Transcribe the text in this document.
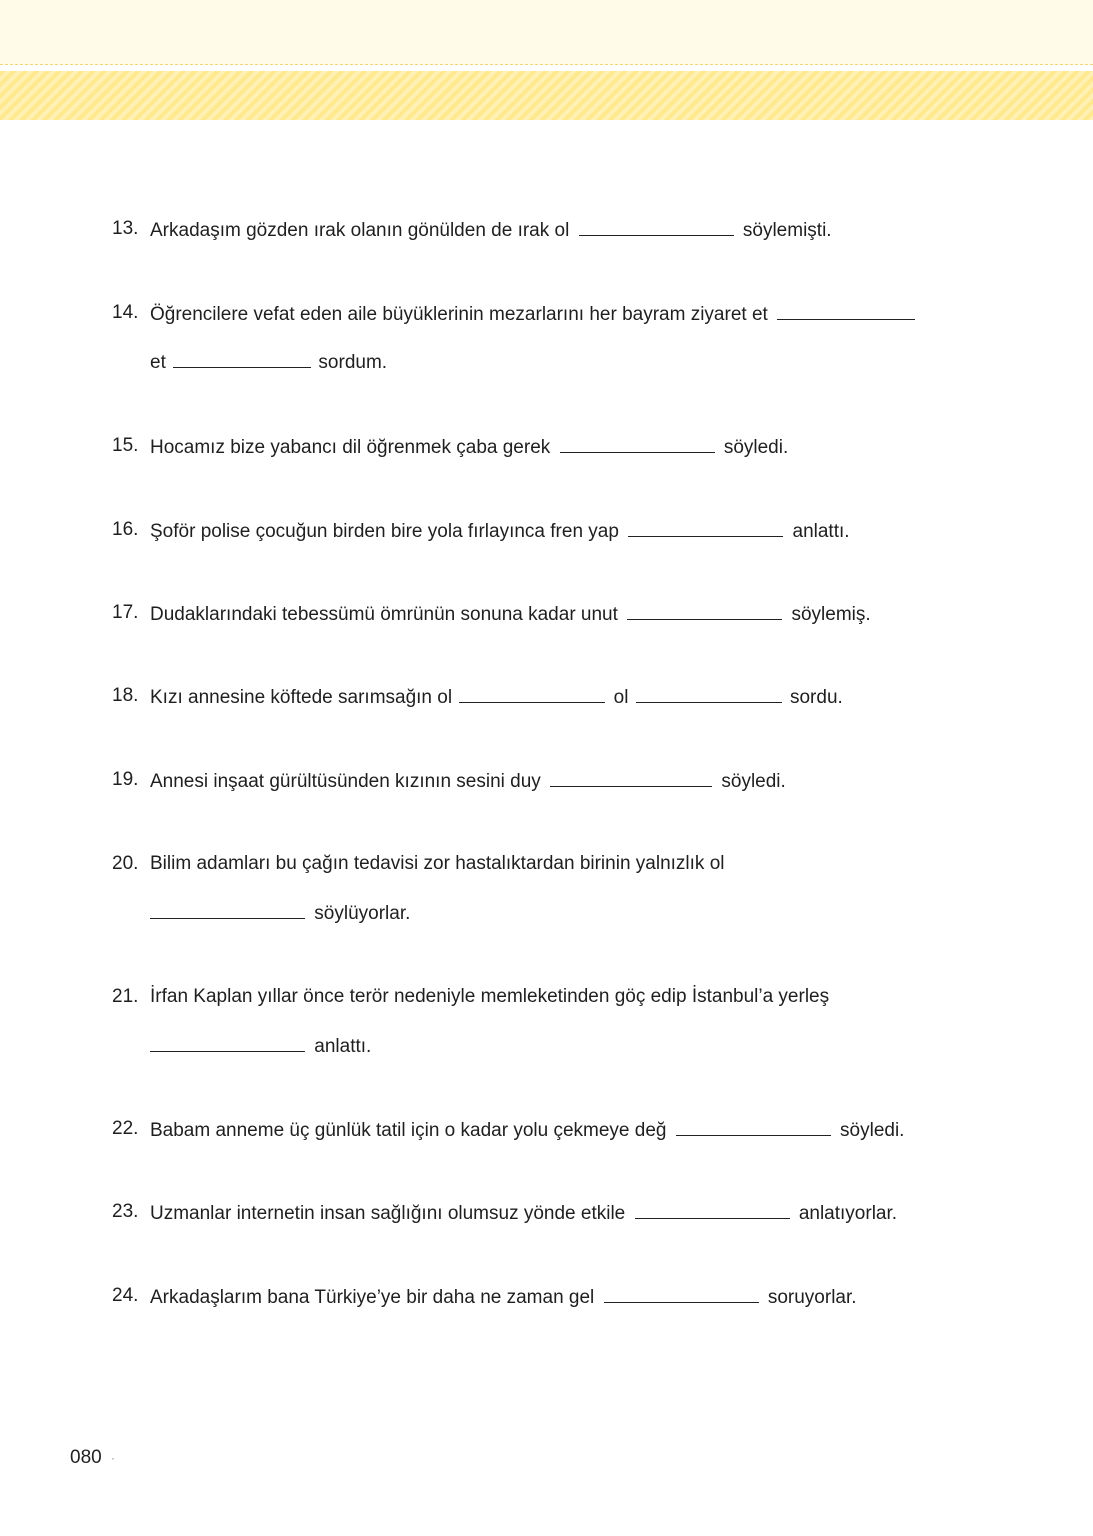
13. Arkadaşım gözden ırak olanın gönülden de ırak ol	söylemişti.
14. Öğrencilere vefat eden aile büyüklerinin mezarlarını her bayram ziyaret et
et	sordum.
15. Hocamız bize yabancı dil öğrenmek çaba gerek	söyledi.
16. Şoför polise çocuğun birden bire yola fırlayınca fren yap	anlattı.
17. Dudaklarındaki tebessümü ömrünün sonuna kadar unut	söylemiş.
18. Kızı annesine köftede sarımsağın ol	ol	sordu.
19. Annesi inşaat gürültüsünden kızının sesini duy	söyledi.
20. Bilim adamları bu çağın tedavisi zor hastalıktardan birinin yalnızlık ol
söylüyorlar.
21. İrfan Kaplan yıllar önce terör nedeniyle memleketinden göç edip İstanbul’a yerleş
anlattı.
22. Babam anneme üç günlük tatil için o kadar yolu çekmeye değ	söyledi.
23. Uzmanlar internetin insan sağlığını olumsuz yönde etkile	anlatıyorlar.
24. Arkadaşlarım bana Türkiye’ye bir daha ne zaman gel	soruyorlar.
080 ·
